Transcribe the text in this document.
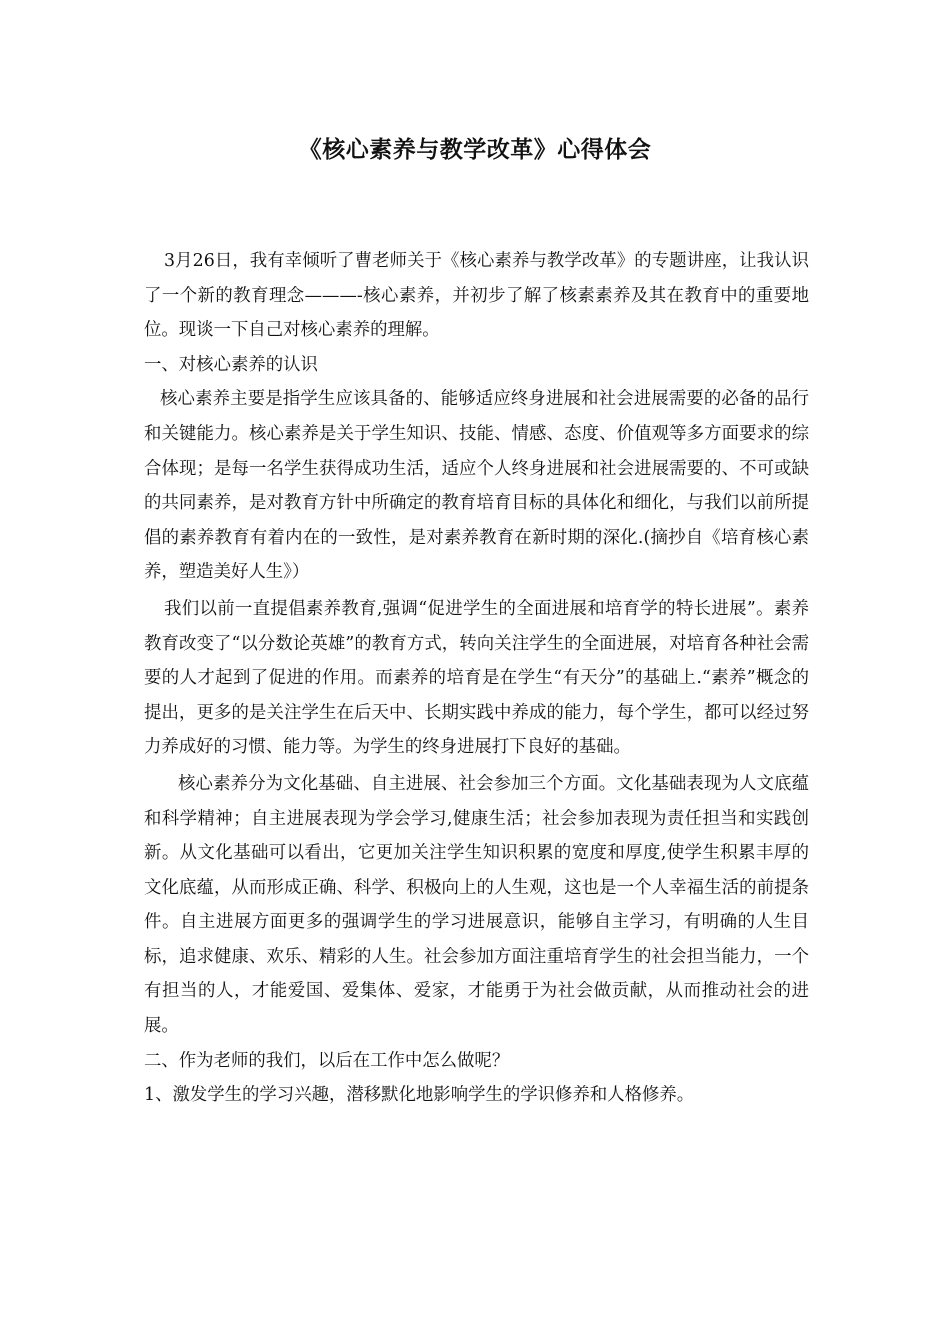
《核心素养与教学改革》心得体会

3月26日，我有幸倾听了曹老师关于《核心素养与教学改革》的专题讲座，让我认识了一个新的教育理念———-核心素养，并初步了解了核素素养及其在教育中的重要地位。现谈一下自己对核心素养的理解。

一、对核心素养的认识

核心素养主要是指学生应该具备的、能够适应终身进展和社会进展需要的必备的品行和关键能力。核心素养是关于学生知识、技能、情感、态度、价值观等多方面要求的综合体现；是每一名学生获得成功生活，适应个人终身进展和社会进展需要的、不可或缺的共同素养，是对教育方针中所确定的教育培育目标的具体化和细化，与我们以前所提倡的素养教育有着内在的一致性，是对素养教育在新时期的深化.(摘抄自《培育核心素养，塑造美好人生》）

我们以前一直提倡素养教育,强调“促进学生的全面进展和培育学的特长进展”。素养教育改变了“以分数论英雄”的教育方式，转向关注学生的全面进展，对培育各种社会需要的人才起到了促进的作用。而素养的培育是在学生“有天分”的基础上.“素养”概念的提出，更多的是关注学生在后天中、长期实践中养成的能力，每个学生，都可以经过努力养成好的习惯、能力等。为学生的终身进展打下良好的基础。

核心素养分为文化基础、自主进展、社会参加三个方面。文化基础表现为人文底蕴和科学精神；自主进展表现为学会学习,健康生活；社会参加表现为责任担当和实践创新。从文化基础可以看出，它更加关注学生知识积累的宽度和厚度,使学生积累丰厚的文化底蕴，从而形成正确、科学、积极向上的人生观，这也是一个人幸福生活的前提条件。自主进展方面更多的强调学生的学习进展意识，能够自主学习，有明确的人生目标，追求健康、欢乐、精彩的人生。社会参加方面注重培育学生的社会担当能力，一个有担当的人，才能爱国、爱集体、爱家，才能勇于为社会做贡献，从而推动社会的进展。

二、作为老师的我们，以后在工作中怎么做呢？

1、激发学生的学习兴趣，潜移默化地影响学生的学识修养和人格修养。
